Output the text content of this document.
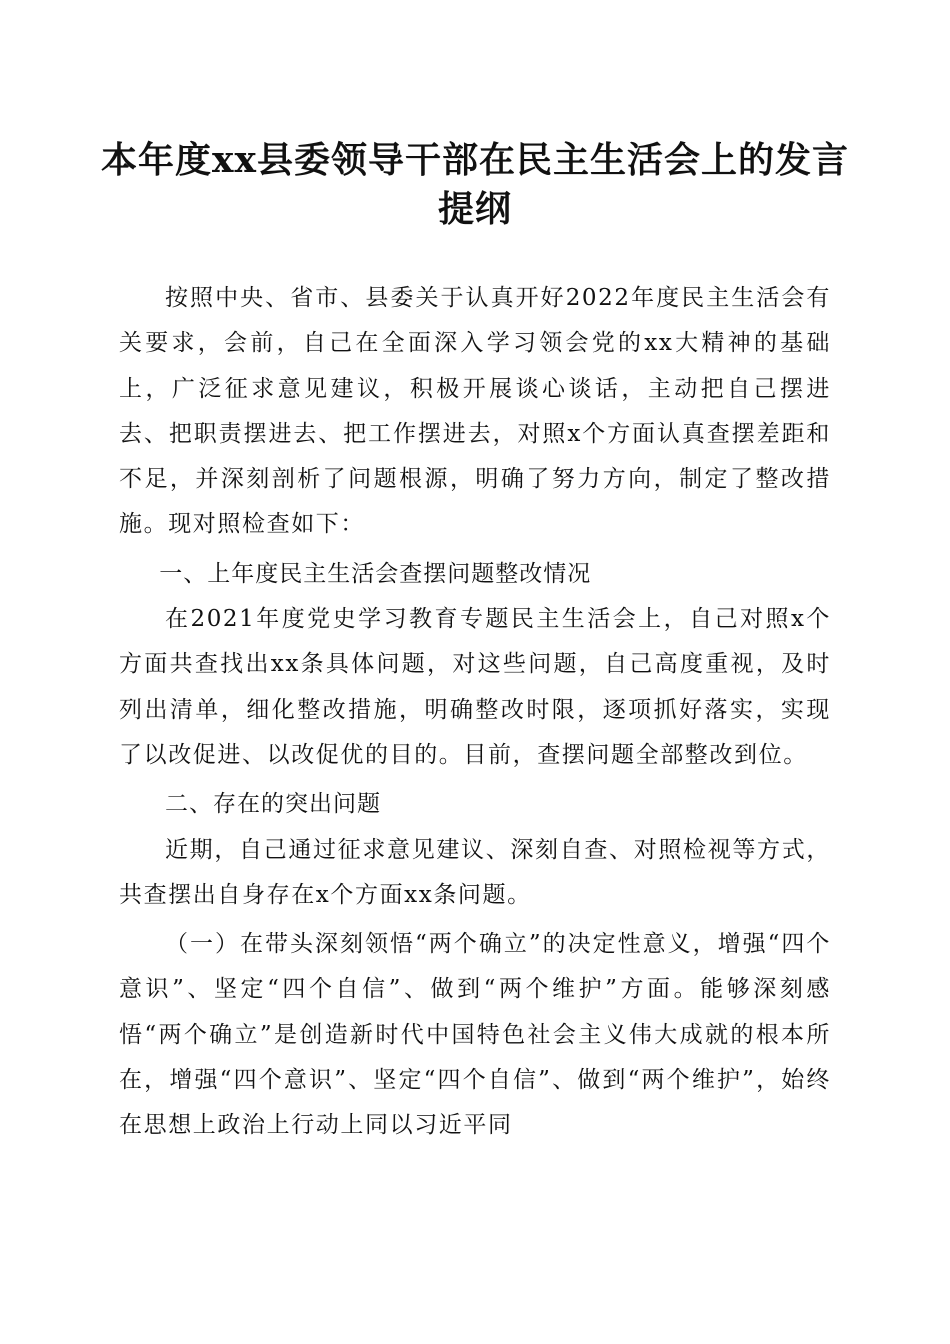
本年度xx县委领导干部在民主生活会上的发言提纲

按照中央、省市、县委关于认真开好2022年度民主生活会有关要求，会前，自己在全面深入学习领会党的xx大精神的基础上，广泛征求意见建议，积极开展谈心谈话，主动把自己摆进去、把职责摆进去、把工作摆进去，对照x个方面认真查摆差距和不足，并深刻剖析了问题根源，明确了努力方向，制定了整改措施。现对照检查如下：

一、上年度民主生活会查摆问题整改情况

在2021年度党史学习教育专题民主生活会上，自己对照x个方面共查找出xx条具体问题，对这些问题，自己高度重视，及时列出清单，细化整改措施，明确整改时限，逐项抓好落实，实现了以改促进、以改促优的目的。目前，查摆问题全部整改到位。

二、存在的突出问题

近期，自己通过征求意见建议、深刻自查、对照检视等方式，共查摆出自身存在x个方面xx条问题。

（一）在带头深刻领悟“两个确立”的决定性意义，增强“四个意识”、坚定“四个自信”、做到“两个维护”方面。能够深刻感悟“两个确立”是创造新时代中国特色社会主义伟大成就的根本所在，增强“四个意识”、坚定“四个自信”、做到“两个维护”，始终在思想上政治上行动上同以习近平同
